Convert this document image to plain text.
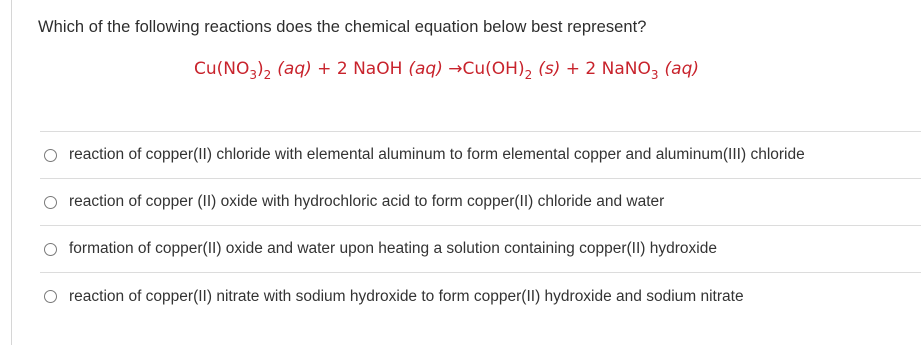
Which of the following reactions does the chemical equation below best represent?
$Cu(NO_3)_2$ (aq) + 2 NaOH $(aq) \to Cu(OH)_2$ (s) + 2 NaNO$_3$ (aq)
reaction of copper(II) chloride with elemental aluminum to form elemental copper and aluminum(III) chloride
reaction of copper (II) oxide with hydrochloric acid to form copper(II) chloride and water
formation of copper(II) oxide and water upon heating a solution containing copper(II) hydroxide
reaction of copper(II) nitrate with sodium hydroxide to form copper(II) hydroxide and sodium nitrate
